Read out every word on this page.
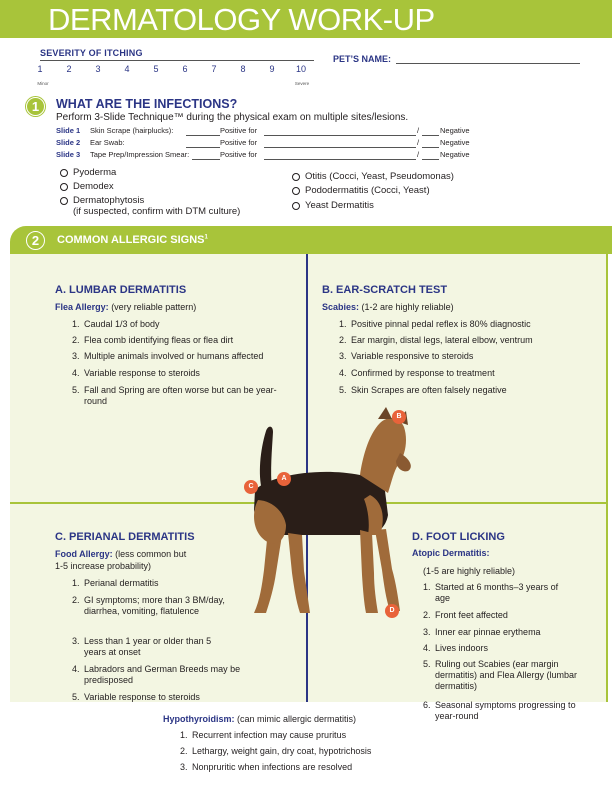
DERMATOLOGY WORK-UP
SEVERITY OF ITCHING
1	2	3	4	5	6	7	8	9	10
Minor	Severe
PET’S NAME:
1	WHAT ARE THE INFECTIONS?
Perform 3-Slide Technique™ during the physical exam on multiple sites/lesions.
Slide 1 Skin Scrape (hairplucks):	Positive for	/	Negative
Slide 2 Ear Swab:	Positive for	/	Negative
Slide 3 Tape Prep/Impression Smear:	Positive for	/	Negative
Pyoderma
Demodex
Dermatophytosis
(if suspected, confirm with DTM culture)
Otitis (Cocci, Yeast, Pseudomonas)
Pododermatitis (Cocci, Yeast)
Yeast Dermatitis
2	COMMON ALLERGIC SIGNS$^1$
A. LUMBAR DERMATITIS
Flea Allergy: (very reliable pattern)
1. Caudal 1/3 of body
2. Flea comb identifying fleas or flea dirt
3. Multiple animals involved or humans affected
4. Variable response to steroids
5. Fall and Spring are often worse but can be year-round
B. EAR-SCRATCH TEST
Scabies: (1-2 are highly reliable)
1. Positive pinnal pedal reflex is 80% diagnostic
2. Ear margin, distal legs, lateral elbow, ventrum
3. Variable responsive to steroids
4. Confirmed by response to treatment
5. Skin Scrapes are often falsely negative
C. PERIANAL DERMATITIS
Food Allergy: (less common but
1-5 increase probability)
1. Perianal dermatitis
2. GI symptoms; more than 3 BM/day, diarrhea, vomiting, flatulence
3. Less than 1 year or older than 5 years at onset
4. Labradors and German Breeds may be predisposed
5. Variable response to steroids
D. FOOT LICKING
Atopic Dermatitis:
(1-5 are highly reliable)
1. Started at 6 months–3 years of age
2. Front feet affected
3. Inner ear pinnae erythema
4. Lives indoors
5. Ruling out Scabies (ear margin dermatitis) and Flea Allergy (lumbar dermatitis)
6. Seasonal symptoms progressing to year-round
Hypothyroidism: (can mimic allergic dermatitis)
1. Recurrent infection may cause pruritus
2. Lethargy, weight gain, dry coat, hypotrichosis
3. Nonpruritic when infections are resolved
A
B
C
D
